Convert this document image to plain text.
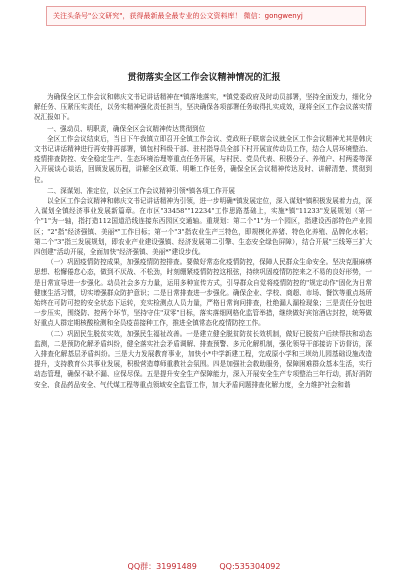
关注头条号"公文研究"，获得最新最全最专业的公文资料库！ 微信：gongwenyj
贯彻落实全区工作会议精神情况的汇报

为确保全区工作会议和韩庆文书记讲话精神在*镇落地落实，*镇党委政府及时动员部署，坚持全面发力，细化分解任务、压紧压实责任，以务实精神强化责任担当，坚决确保各项部署任务取得扎实成效，现将全区工作会议落实情况汇报如下。

一、强动员、明职责，确保全区会议精神传达贯彻到位

全区工作会议结束后，当日下午我镇立即召开全镇工作会议、党政班子联席会议就全区工作会议精神尤其是韩庆文书记讲话精神进行再安排再部署，镇包村科级干部、驻村指导员全部下村开展宣传动员工作，结合人居环境整治、疫情排查防控、安全稳定生产、生态环境治理等重点任务开展，与村民、党员代表、积极分子、养殖户、村两委等深入开展谈心谈话，回顾发展历程，讲解全区政策、明晰工作任务，确保全区会议精神传达及时、讲解清楚、贯彻到位。

二、深谋划、准定位，以全区工作会议精神引领*镇各项工作开展

以全区工作会议精神和韩庆文书记讲话精神为引领，进一步明确*镇发展定位，深入谋划*镇积极发展着力点，深入谋划全镇经济事业发展新篇章。在市区"33458""12234"工作思路基础上，实施*镇"11233"发展规划（第一个"1"为一轴，指打造112国道沿线连接东西园区交通轴。重规划：第二个"1"为一个园区，指建设西部特色产业园区；"2"指"经济强镇、美丽*"工作目标；第一个"3"指农业生产三特色，即规模化养猪、特色化养殖、品牌化水稻；第二个"3"指三发展规划，即农业产业建设强镇、经济发展第二引擎、生态安全绿色屏障），结合开展"三线筹三扩大四创建"活动开展，全面加快"经济强镇、美丽*"建设步伐。

（一）巩固疫情防控成果，加强疫情防控排查。要做好常态化疫情防控，保障人民群众生命安全。坚决克服麻痹思想、松懈倦怠心态，做到不厌战、不松劲，时刻绷紧疫情防控这根弦，持续巩固疫情防控来之不易的良好形势，一是日常宣导进一步强化。动员社会多方力量，运用多种宣传方式，引导群众自觉将疫情防控的"规定动作"固化为日常健康生活习惯，切实增强群众防护意识；二是日常排查进一步强化。确保企业、学校、商超、市场、餐饮等重点场所始终在可防可控的安全状态下运转，充实检测点人员力量，严格日常询问排查，杜绝漏人漏检现象；三是责任分包进一步压实，围绕防、控两个环节，坚持守住"双零"目标，落实落细网格化监管举措，继续做好宾馆酒店封控，统筹做好重点人群定期核酸检测和全员疫苗接种工作，推进全镇常态化疫情防控工作。

（二）巩固民生脱贫实效，加强民生福祉改善。一是建立健全脱贫防贫长效机制，做好已脱贫户后续帮扶和动态监测，二是预防化解矛盾纠纷，健全落实社会矛盾调解、排查预警、多元化解机制，强化领导干部接访下访督访，深入排查化解基层矛盾纠纷。三是大力发展教育事业，加快小*中学新建工程，完成原小学和三坝幼儿园基础设施改造提升，支持教育公共事业发展，积极营造尊师重教社会氛围。四是加强社会救助服务，保障困难群众基本生活，实行动态管理，确保不缺不漏、应保尽保。五是提升安全生产保障能力，深入开展安全生产专项整治三年行动，抓好消防安全、食品药品安全、气代煤工程等重点领域安全监管工作，加大矛盾问题排查化解力度，全力维护社会和谐

QQ群：31991489	QQ:535304092
